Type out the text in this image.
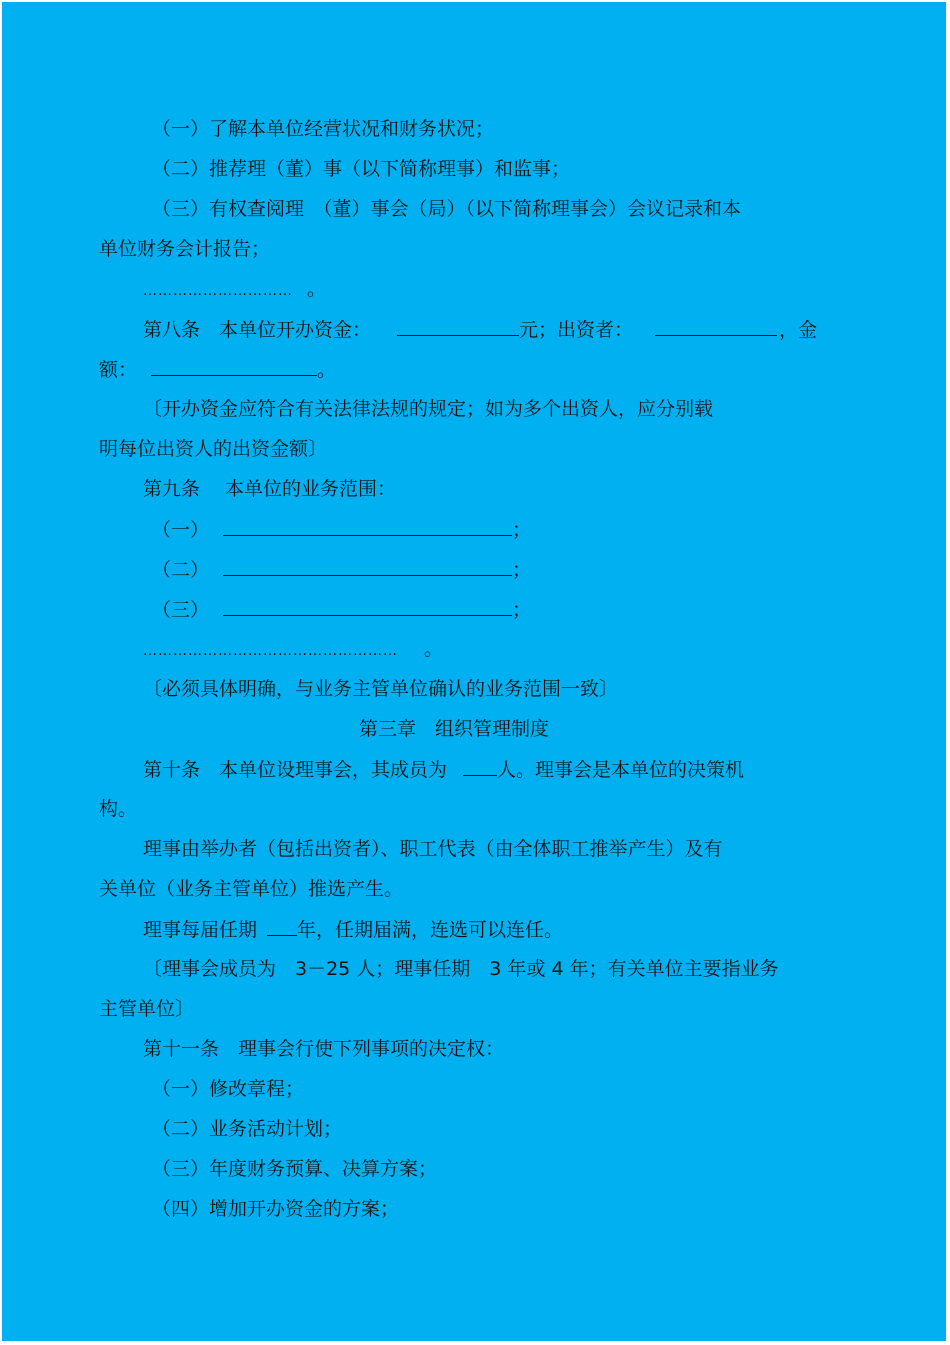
（一）了解本单位经营状况和财务状况；

（二）推荐理（董）事（以下简称理事）和监事；

（三）有权查阅理　（董）事会（局）（以下简称理事会）会议记录和本

单位财务会计报告；

………………………… 。

第八条　本单位开办资金：	元；出资者：	，金

额：	。

〔开办资金应符合有关法律法规的规定；如为多个出资人，应分别载

明每位出资人的出资金额〕

第九条　 本单位的业务范围：

（一）	；

（二）	；

（三）	；

…………………………………………… 。

〔必须具体明确，与业务主管单位确认的业务范围一致〕

第三章　组织管理制度

第十条　本单位设理事会，其成员为	人。理事会是本单位的决策机

构。

理事由举办者（包括出资者）、职工代表（由全体职工推举产生）及有

关单位（业务主管单位）推选产生。

理事每届任期 年，任期届满，连选可以连任。

〔理事会成员为　3－25 人；理事任期　3 年或 4 年；有关单位主要指业务

主管单位〕

第十一条　理事会行使下列事项的决定权：

（一）修改章程；

（二）业务活动计划；

（三）年度财务预算、决算方案；

（四）增加开办资金的方案；
